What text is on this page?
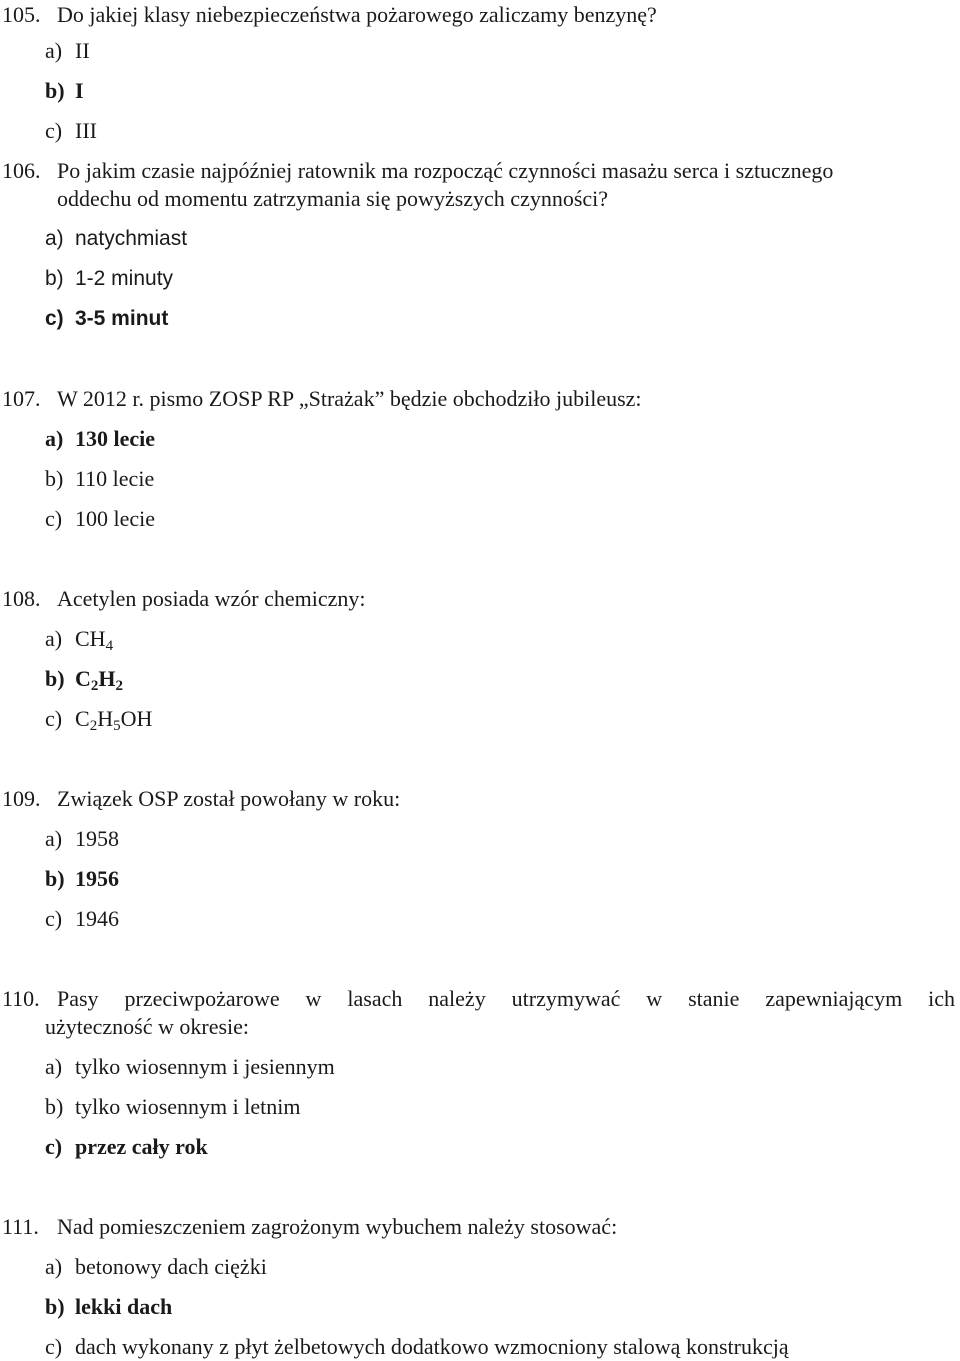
105. Do jakiej klasy niebezpieczeństwa pożarowego zaliczamy benzynę?
a) II
b) I
c) III
106. Po jakim czasie najpóźniej ratownik ma rozpocząć czynności masażu serca i sztucznego
oddechu od momentu zatrzymania się powyższych czynności?
a) natychmiast
b) 1-2 minuty
c) 3-5 minut
107. W 2012 r. pismo ZOSP RP „Strażak” będzie obchodziło jubileusz:
a) 130 lecie
b) 110 lecie
c) 100 lecie
108. Acetylen posiada wzór chemiczny:
a) $CH_4$
b) $C_2H_2$
c) $C_2H_5OH$
109. Związek OSP został powołany w roku:
a) 1958
b) 1956
c) 1946
110. Pasy przeciwpożarowe w lasach należy utrzymywać w stanie zapewniającym ich
użyteczność w okresie:
a) tylko wiosennym i jesiennym
b) tylko wiosennym i letnim
c) przez cały rok
111. Nad pomieszczeniem zagrożonym wybuchem należy stosować:
a) betonowy dach ciężki
b) lekki dach
c) dach wykonany z płyt żelbetowych dodatkowo wzmocniony stalową konstrukcją
